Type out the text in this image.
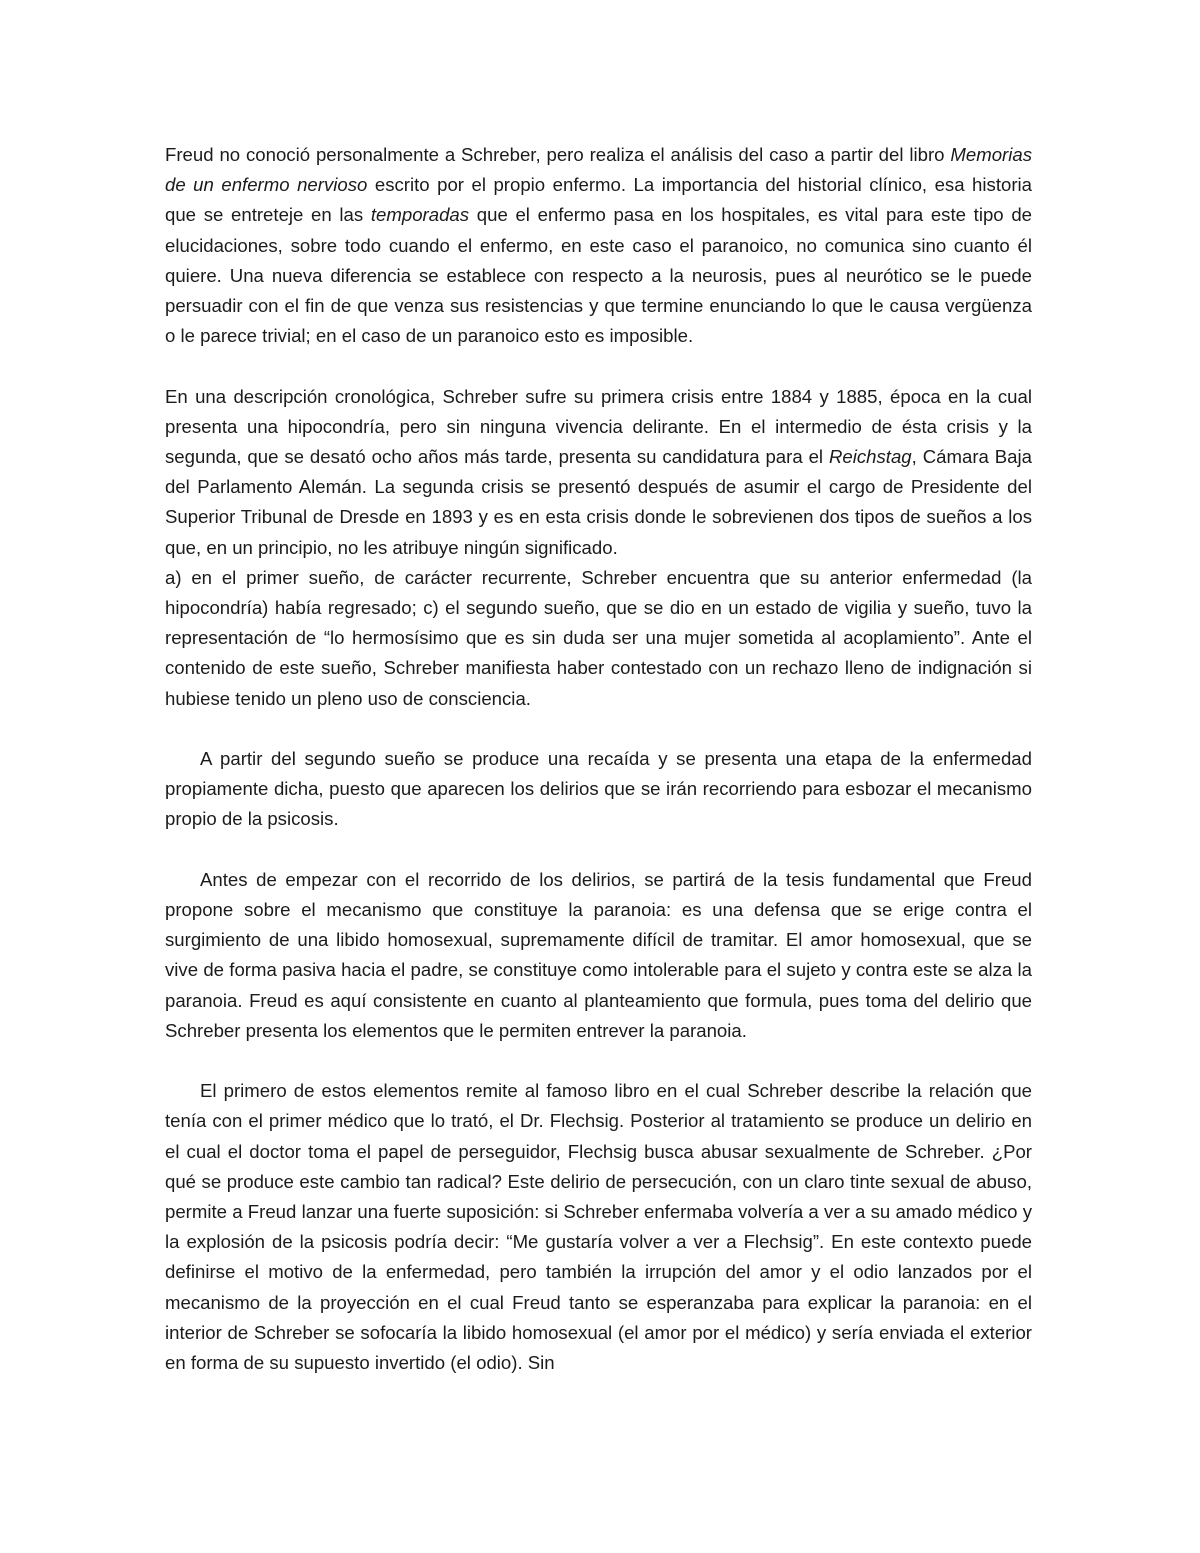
Freud no conoció personalmente a Schreber, pero realiza el análisis del caso a partir del libro Memorias de un enfermo nervioso escrito por el propio enfermo. La importancia del historial clínico, esa historia que se entreteje en las temporadas que el enfermo pasa en los hospitales, es vital para este tipo de elucidaciones, sobre todo cuando el enfermo, en este caso el paranoico, no comunica sino cuanto él quiere. Una nueva diferencia se establece con respecto a la neurosis, pues al neurótico se le puede persuadir con el fin de que venza sus resistencias y que termine enunciando lo que le causa vergüenza o le parece trivial; en el caso de un paranoico esto es imposible.

En una descripción cronológica, Schreber sufre su primera crisis entre 1884 y 1885, época en la cual presenta una hipocondría, pero sin ninguna vivencia delirante. En el intermedio de ésta crisis y la segunda, que se desató ocho años más tarde, presenta su candidatura para el Reichstag, Cámara Baja del Parlamento Alemán. La segunda crisis se presentó después de asumir el cargo de Presidente del Superior Tribunal de Dresde en 1893 y es en esta crisis donde le sobrevienen dos tipos de sueños a los que, en un principio, no les atribuye ningún significado.

a) en el primer sueño, de carácter recurrente, Schreber encuentra que su anterior enfermedad (la hipocondría) había regresado; c) el segundo sueño, que se dio en un estado de vigilia y sueño, tuvo la representación de “lo hermosísimo que es sin duda ser una mujer sometida al acoplamiento”. Ante el contenido de este sueño, Schreber manifiesta haber contestado con un rechazo lleno de indignación si hubiese tenido un pleno uso de consciencia.

A partir del segundo sueño se produce una recaída y se presenta una etapa de la enfermedad propiamente dicha, puesto que aparecen los delirios que se irán recorriendo para esbozar el mecanismo propio de la psicosis.

Antes de empezar con el recorrido de los delirios, se partirá de la tesis fundamental que Freud propone sobre el mecanismo que constituye la paranoia: es una defensa que se erige contra el surgimiento de una libido homosexual, supremamente difícil de tramitar. El amor homosexual, que se vive de forma pasiva hacia el padre, se constituye como intolerable para el sujeto y contra este se alza la paranoia. Freud es aquí consistente en cuanto al planteamiento que formula, pues toma del delirio que Schreber presenta los elementos que le permiten entrever la paranoia.

El primero de estos elementos remite al famoso libro en el cual Schreber describe la relación que tenía con el primer médico que lo trató, el Dr. Flechsig. Posterior al tratamiento se produce un delirio en el cual el doctor toma el papel de perseguidor, Flechsig busca abusar sexualmente de Schreber. ¿Por qué se produce este cambio tan radical? Este delirio de persecución, con un claro tinte sexual de abuso, permite a Freud lanzar una fuerte suposición: si Schreber enfermaba volvería a ver a su amado médico y la explosión de la psicosis podría decir: “Me gustaría volver a ver a Flechsig”. En este contexto puede definirse el motivo de la enfermedad, pero también la irrupción del amor y el odio lanzados por el mecanismo de la proyección en el cual Freud tanto se esperanzaba para explicar la paranoia: en el interior de Schreber se sofocaría la libido homosexual (el amor por el médico) y sería enviada el exterior en forma de su supuesto invertido (el odio). Sin
